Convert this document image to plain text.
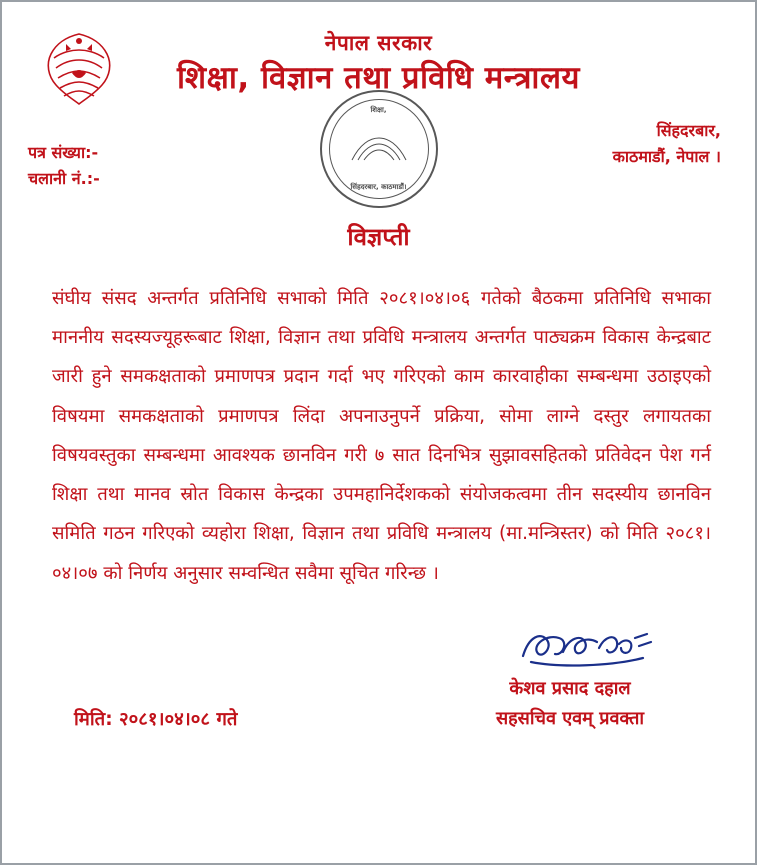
नेपाल सरकार
शिक्षा, विज्ञान तथा प्रविधि मन्त्रालय
शिक्षा,
सिंहदरबार, काठमाडौं।
पत्र संख्या:-
चलानी नं.:-
सिंहदरबार,
काठमाडौं, नेपाल ।
विज्ञप्ती

संघीय संसद अन्तर्गत प्रतिनिधि सभाको मिति २०८१।०४।०६ गतेको बैठकमा प्रतिनिधि सभाका माननीय सदस्यज्यूहरूबाट शिक्षा, विज्ञान तथा प्रविधि मन्त्रालय अन्तर्गत पाठ्यक्रम विकास केन्द्रबाट जारी हुने समकक्षताको प्रमाणपत्र प्रदान गर्दा भए गरिएको काम कारवाहीका सम्बन्धमा उठाइएको विषयमा समकक्षताको प्रमाणपत्र लिंदा अपनाउनुपर्ने प्रक्रिया, सोमा लाग्ने दस्तुर लगायतका विषयवस्तुका सम्बन्धमा आवश्यक छानविन गरी ७ सात दिनभित्र सुझावसहितको प्रतिवेदन पेश गर्न शिक्षा तथा मानव स्रोत विकास केन्द्रका उपमहानिर्देशकको संयोजकत्वमा तीन सदस्यीय छानविन समिति गठन गरिएको व्यहोरा शिक्षा, विज्ञान तथा प्रविधि मन्त्रालय (मा.मन्त्रिस्तर) को मिति २०८१।०४।०७ को निर्णय अनुसार सम्वन्धित सवैमा सूचित गरिन्छ ।

मिति: २०८१।०४।०८ गते
केशव प्रसाद दहाल
सहसचिव एवम् प्रवक्ता
